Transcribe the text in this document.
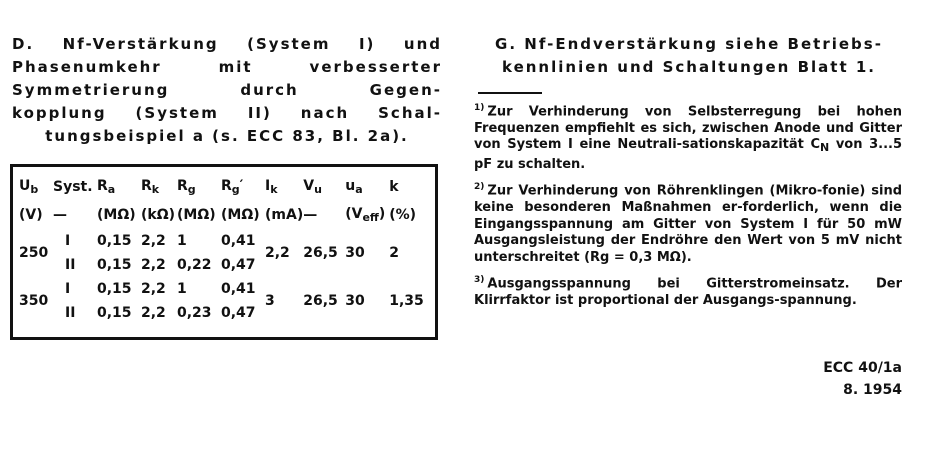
D. Nf-Verstärkung (System I) und
Phasenumkehr mit verbesserter
Symmetrierung durch Gegen-
kopplung (System II) nach Schal-
tungsbeispiel a (s. ECC 83, Bl. 2a).
G. Nf-Endverstärkung siehe Betriebs-
kennlinien und Schaltungen Blatt 1.
$U_b$	Syst.	$R_a$	$R_k$	$R_g$	$R_g'$	$I_k$	$V_u$	$u_a$	k
(V)	—	(MΩ)	(kΩ)	(MΩ)	(MΩ)	(mA)	—	$(V_{eff})$	(%)
250	I	0,15	2,2	1	0,41	2,2	26,5	30	2
	II	0,15	2,2	0,22	0,47				
350	I	0,15	2,2	1	0,41	3	26,5	30	1,35
	II	0,15	2,2	0,23	0,47				

$^{1)}$ Zur Verhinderung von Selbsterregung bei hohen Frequenzen empfiehlt es sich, zwischen Anode und Gitter von System I eine Neutrali-sationskapazität $C_N$ von 3...5 pF zu schalten.

$^{2)}$ Zur Verhinderung von Röhrenklingen (Mikro-fonie) sind keine besonderen Maßnahmen er-forderlich, wenn die Eingangsspannung am Gitter von System I für 50 mW Ausgangsleistung der Endröhre den Wert von 5 mV nicht unterschreitet (Rg = 0,3 MΩ).

$^{3)}$ Ausgangsspannung bei Gitterstromeinsatz. Der Klirrfaktor ist proportional der Ausgangs-spannung.

ECC 40/1a
8. 1954
